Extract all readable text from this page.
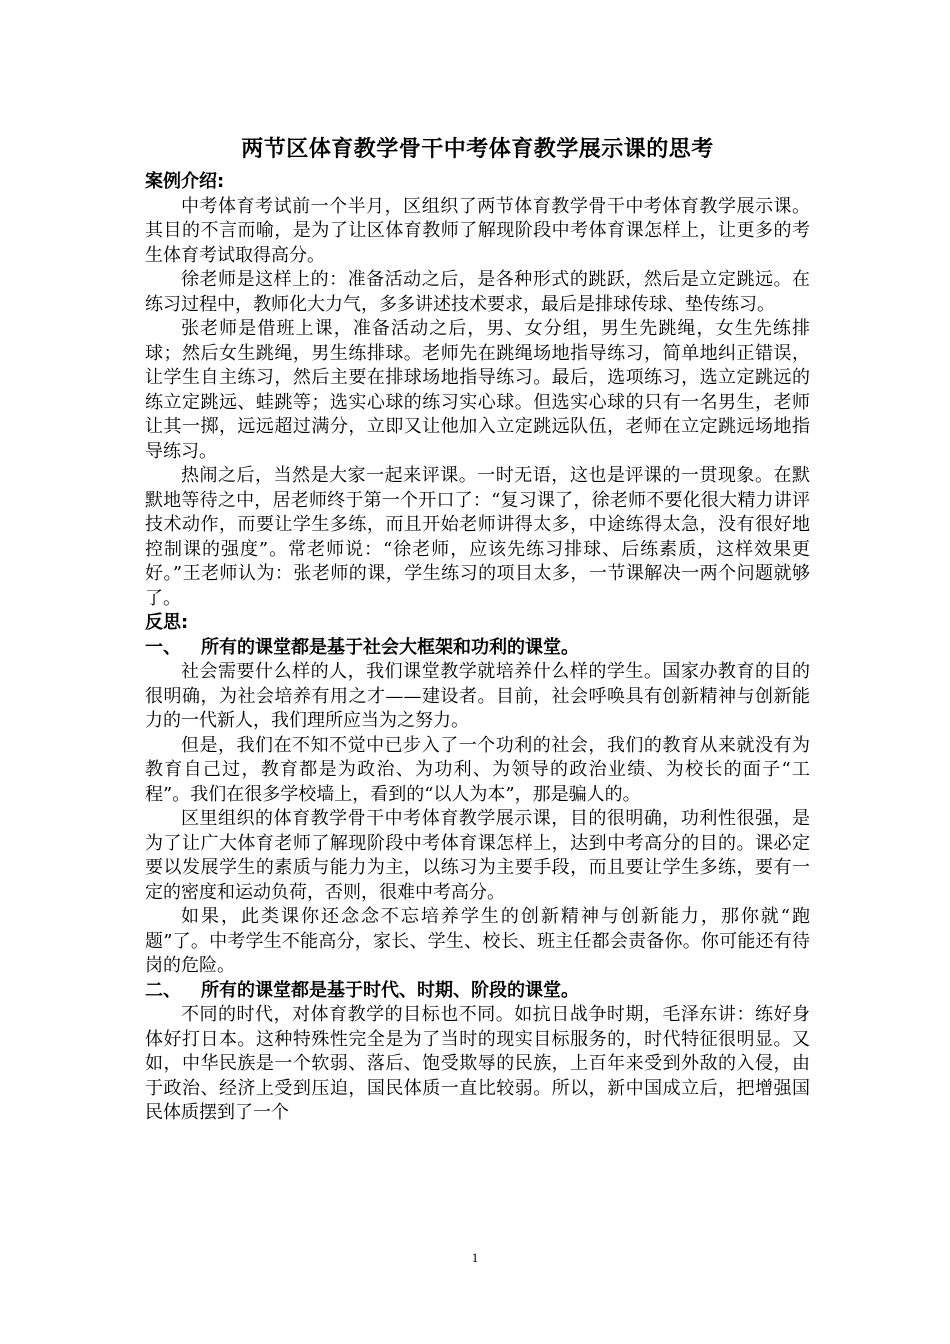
两节区体育教学骨干中考体育教学展示课的思考

案例介绍:

中考体育考试前一个半月，区组织了两节体育教学骨干中考体育教学展示课。其目的不言而喻，是为了让区体育教师了解现阶段中考体育课怎样上，让更多的考生体育考试取得高分。

徐老师是这样上的：准备活动之后，是各种形式的跳跃，然后是立定跳远。在练习过程中，教师化大力气，多多讲述技术要求，最后是排球传球、垫传练习。

张老师是借班上课，准备活动之后，男、女分组，男生先跳绳，女生先练排球；然后女生跳绳，男生练排球。老师先在跳绳场地指导练习，简单地纠正错误，让学生自主练习，然后主要在排球场地指导练习。最后，选项练习，选立定跳远的练立定跳远、蛙跳等；选实心球的练习实心球。但选实心球的只有一名男生，老师让其一掷，远远超过满分，立即又让他加入立定跳远队伍，老师在立定跳远场地指导练习。

热闹之后，当然是大家一起来评课。一时无语，这也是评课的一贯现象。在默默地等待之中，居老师终于第一个开口了：“复习课了，徐老师不要化很大精力讲评技术动作，而要让学生多练，而且开始老师讲得太多，中途练得太急，没有很好地控制课的强度”。常老师说：“徐老师，应该先练习排球、后练素质，这样效果更好。”王老师认为：张老师的课，学生练习的项目太多，一节课解决一两个问题就够了。

反思:

一、 所有的课堂都是基于社会大框架和功利的课堂。

社会需要什么样的人，我们课堂教学就培养什么样的学生。国家办教育的目的很明确，为社会培养有用之才——建设者。目前，社会呼唤具有创新精神与创新能力的一代新人，我们理所应当为之努力。

但是，我们在不知不觉中已步入了一个功利的社会，我们的教育从来就没有为教育自己过，教育都是为政治、为功利、为领导的政治业绩、为校长的面子“工程”。我们在很多学校墙上，看到的“以人为本”，那是骗人的。

区里组织的体育教学骨干中考体育教学展示课，目的很明确，功利性很强，是为了让广大体育老师了解现阶段中考体育课怎样上，达到中考高分的目的。课必定要以发展学生的素质与能力为主，以练习为主要手段，而且要让学生多练，要有一定的密度和运动负荷，否则，很难中考高分。

如果，此类课你还念念不忘培养学生的创新精神与创新能力，那你就“跑题”了。中考学生不能高分，家长、学生、校长、班主任都会责备你。你可能还有待岗的危险。

二、 所有的课堂都是基于时代、时期、阶段的课堂。

不同的时代，对体育教学的目标也不同。如抗日战争时期，毛泽东讲：练好身体好打日本。这种特殊性完全是为了当时的现实目标服务的，时代特征很明显。又如，中华民族是一个软弱、落后、饱受欺辱的民族，上百年来受到外敌的入侵，由于政治、经济上受到压迫，国民体质一直比较弱。所以，新中国成立后，把增强国民体质摆到了一个

1
